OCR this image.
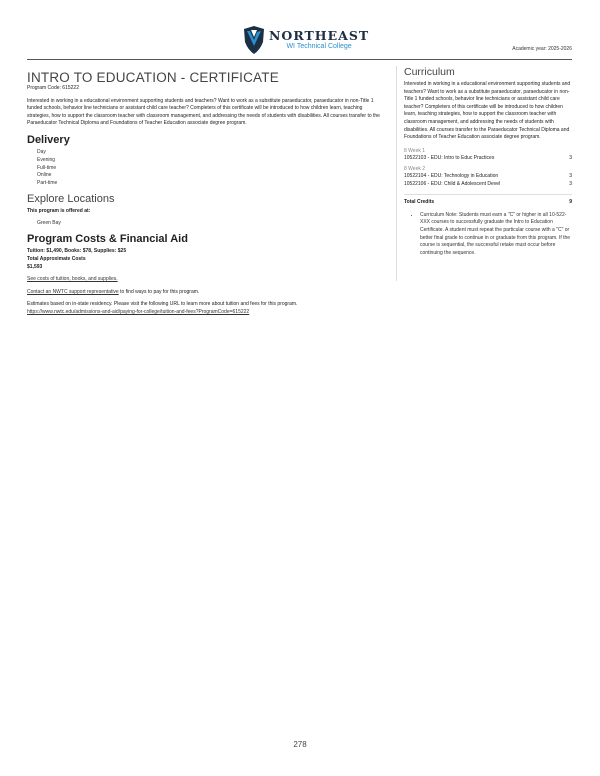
NORTHEAST
WI Technical College	Academic year: 2025-2026
INTRO TO EDUCATION - CERTIFICATE

Program Code: 615222

Interested in working in a educational environment supporting students and teachers? Want to work as a substitute paraeducator, paraeducator in non-Title 1 funded schools, behavior line technicians or assistant child care teacher? Completers of this certificate will be introduced to how children learn, teaching strategies, how to support the classroom teacher with classroom management, and addressing the needs of students with disabilities. All courses transfer to the Paraeducator Technical Diploma and Foundations of Teacher Education associate degree program.

Delivery
Day
Evening
Full-time
Online
Part-time
Explore Locations

This program is offered at:

Green Bay
Program Costs & Financial Aid

Tuition: $1,490, Books: $78, Supplies: $25

Total Approximate Costs

$1,593

See costs of tuition, books, and supplies.

Contact an NWTC support representative to find ways to pay for this program.

Estimates based on in-state residency. Please visit the following URL to learn more about tuition and fees for this program.

https://www.nwtc.edu/admissions-and-aid/paying-for-college/tuition-and-fees?ProgramCode=615222

Curriculum

Interested in working in a educational environment supporting students and teachers? Want to work as a substitute paraeducator, paraeducator in non-Title 1 funded schools, behavior line technicians or assistant child care teacher? Completers of this certificate will be introduced to how children learn, teaching strategies, how to support the classroom teacher with classroom management, and addressing the needs of students with disabilities. All courses transfer to the Paraeducator Technical Diploma and Foundations of Teacher Education associate degree program.

8 Week 1
10522103 - EDU: Intro to Educ Practices	3
8 Week 2
10522104 - EDU: Technology in Education	3
10522106 - EDU: Child & Adolescent Devel	3
Total Credits	9
• Curriculum Note: Students must earn a "C" or higher in all 10-522-XXX courses to successfully graduate the Intro to Education Certificate. A student must repeat the particular course with a "C" or better final grade to continue in or graduate from this program. If the course is sequential, the successful retake must occur before continuing the sequence.
278
